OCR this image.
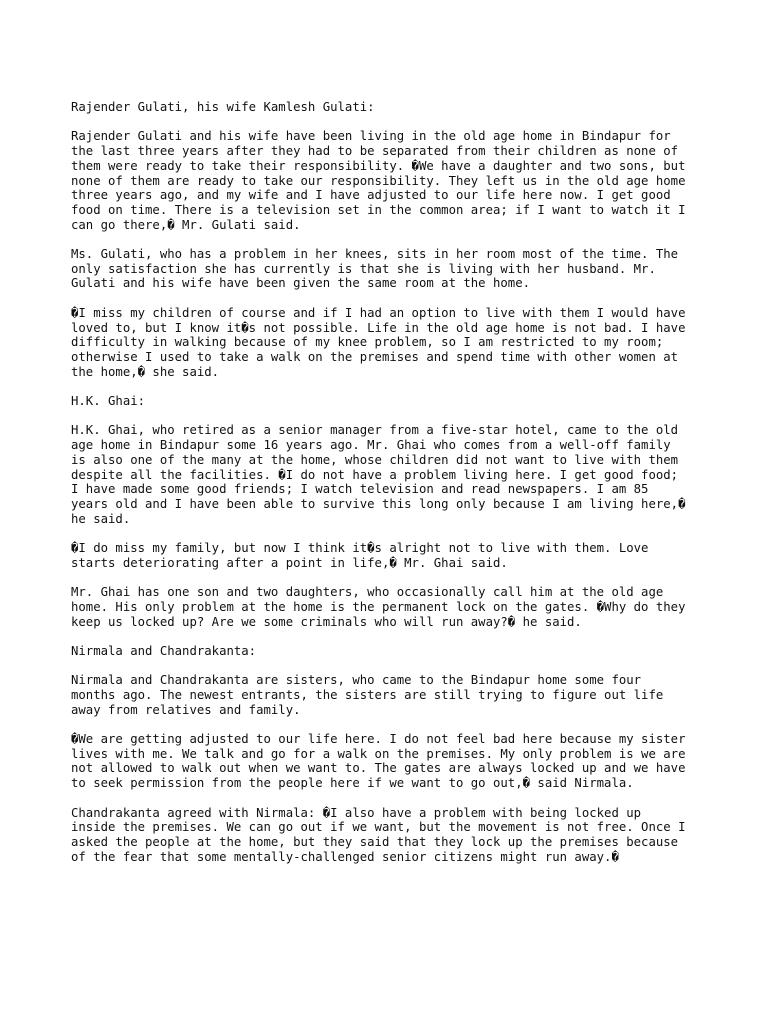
Rajender Gulati, his wife Kamlesh Gulati:

Rajender Gulati and his wife have been living in the old age home in Bindapur for
the last three years after they had to be separated from their children as none of
them were ready to take their responsibility. �We have a daughter and two sons, but
none of them are ready to take our responsibility. They left us in the old age home
three years ago, and my wife and I have adjusted to our life here now. I get good
food on time. There is a television set in the common area; if I want to watch it I
can go there,� Mr. Gulati said.

Ms. Gulati, who has a problem in her knees, sits in her room most of the time. The
only satisfaction she has currently is that she is living with her husband. Mr.
Gulati and his wife have been given the same room at the home.

�I miss my children of course and if I had an option to live with them I would have
loved to, but I know it�s not possible. Life in the old age home is not bad. I have
difficulty in walking because of my knee problem, so I am restricted to my room;
otherwise I used to take a walk on the premises and spend time with other women at
the home,� she said.

H.K. Ghai:

H.K. Ghai, who retired as a senior manager from a five-star hotel, came to the old
age home in Bindapur some 16 years ago. Mr. Ghai who comes from a well-off family
is also one of the many at the home, whose children did not want to live with them
despite all the facilities. �I do not have a problem living here. I get good food;
I have made some good friends; I watch television and read newspapers. I am 85
years old and I have been able to survive this long only because I am living here,�
he said.

�I do miss my family, but now I think it�s alright not to live with them. Love
starts deteriorating after a point in life,� Mr. Ghai said.

Mr. Ghai has one son and two daughters, who occasionally call him at the old age
home. His only problem at the home is the permanent lock on the gates. �Why do they
keep us locked up? Are we some criminals who will run away?� he said.

Nirmala and Chandrakanta:

Nirmala and Chandrakanta are sisters, who came to the Bindapur home some four
months ago. The newest entrants, the sisters are still trying to figure out life
away from relatives and family.

�We are getting adjusted to our life here. I do not feel bad here because my sister
lives with me. We talk and go for a walk on the premises. My only problem is we are
not allowed to walk out when we want to. The gates are always locked up and we have
to seek permission from the people here if we want to go out,� said Nirmala.

Chandrakanta agreed with Nirmala: �I also have a problem with being locked up
inside the premises. We can go out if we want, but the movement is not free. Once I
asked the people at the home, but they said that they lock up the premises because
of the fear that some mentally-challenged senior citizens might run away.�
